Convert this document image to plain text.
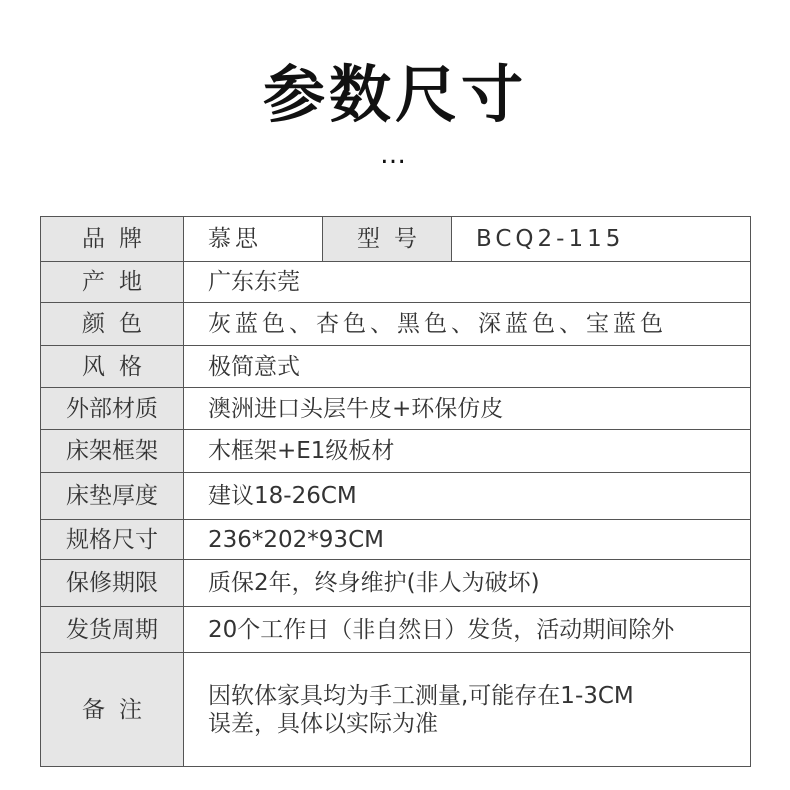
参数尺寸
…
品牌	慕思	型号	BCQ2-115
产地	广东东莞		
颜色	灰蓝色、杏色、黑色、深蓝色、宝蓝色		
风格	极简意式		
外部材质	澳洲进口头层牛皮+环保仿皮		
床架框架	木框架+E1级板材		
床垫厚度	建议18-26CM		
规格尺寸	236*202*93CM		
保修期限	质保2年，终身维护(非人为破坏)		
发货周期	20个工作日（非自然日）发货，活动期间除外		
备注	因软体家具均为手工测量,可能存在1-3CM
误差，具体以实际为准		
